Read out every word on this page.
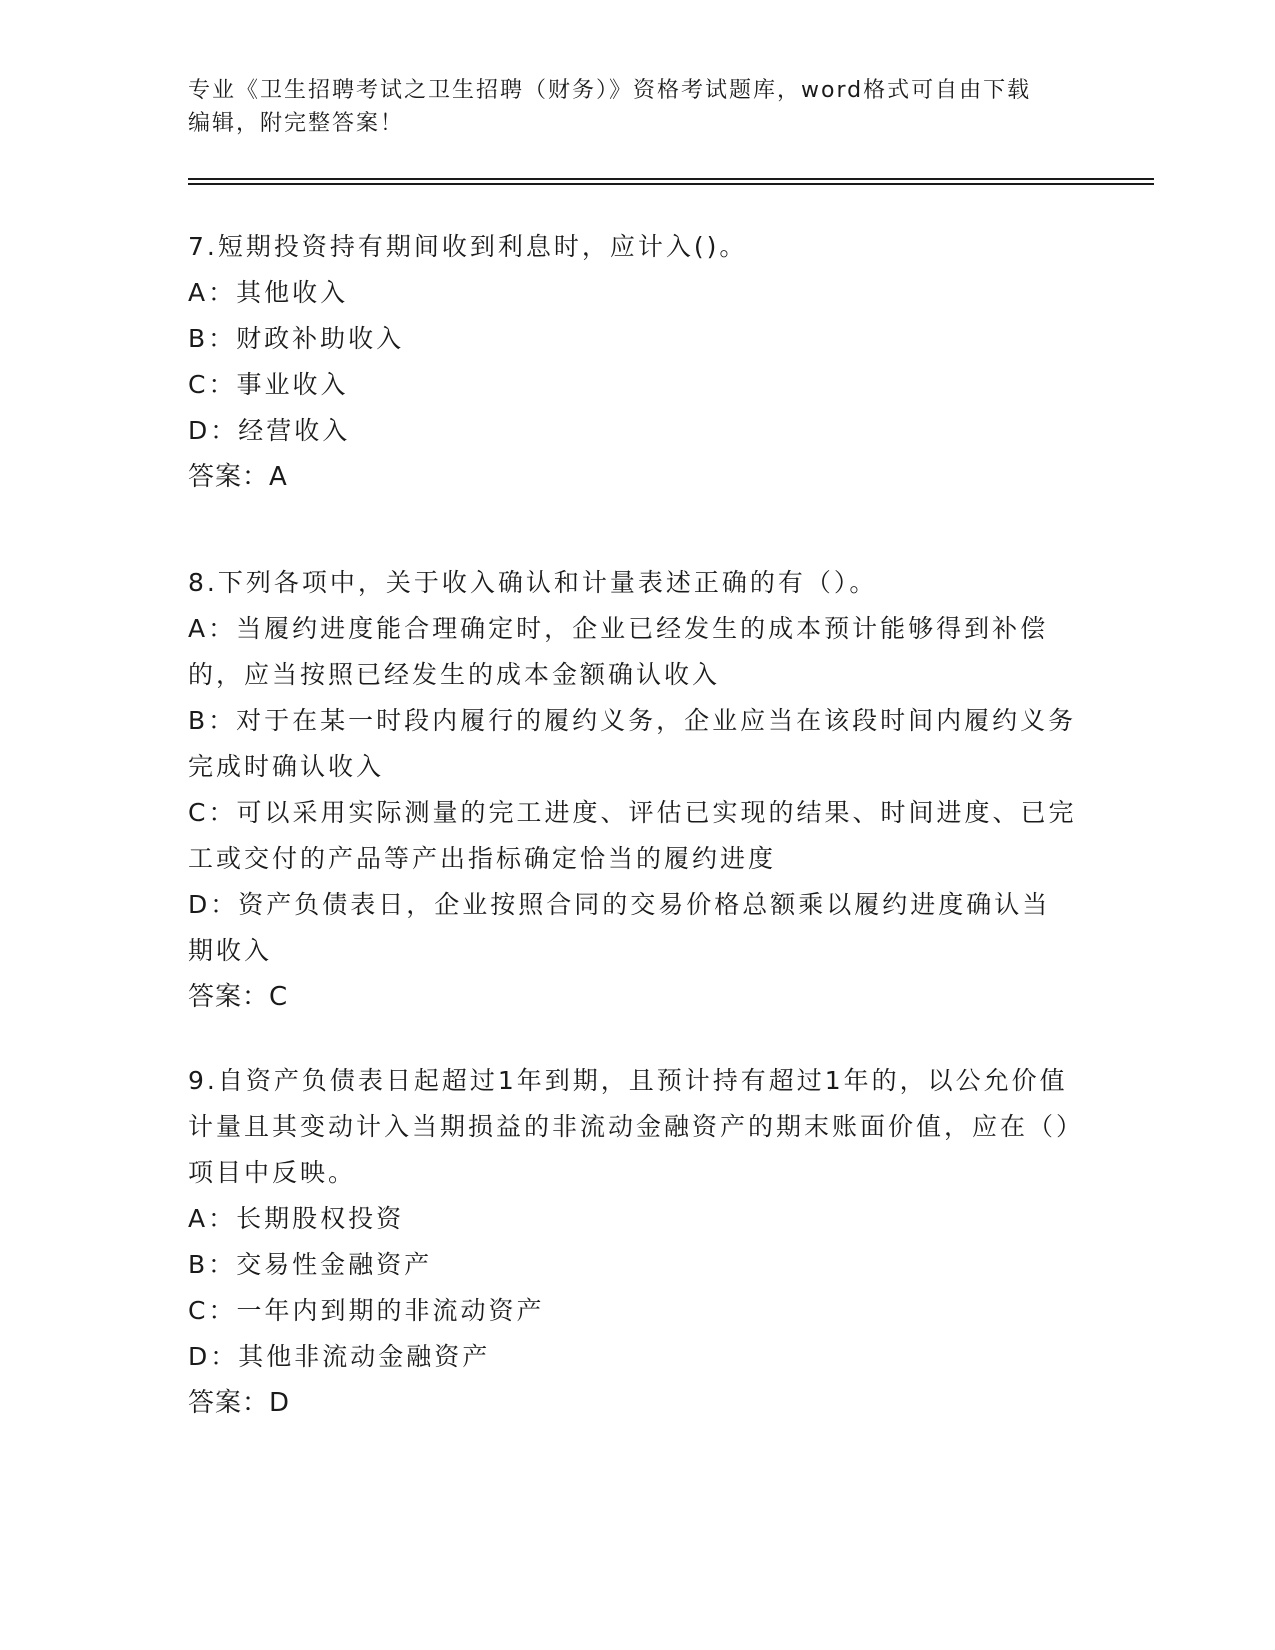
专业《卫生招聘考试之卫生招聘（财务）》资格考试题库，word格式可自由下载
编辑，附完整答案！
7.短期投资持有期间收到利息时，应计入()。
A：其他收入
B：财政补助收入
C：事业收入
D：经营收入
答案：A
8.下列各项中，关于收入确认和计量表述正确的有（）。
A：当履约进度能合理确定时，企业已经发生的成本预计能够得到补偿的，应当按照已经发生的成本金额确认收入
B：对于在某一时段内履行的履约义务，企业应当在该段时间内履约义务完成时确认收入
C：可以采用实际测量的完工进度、评估已实现的结果、时间进度、已完工或交付的产品等产出指标确定恰当的履约进度
D：资产负债表日，企业按照合同的交易价格总额乘以履约进度确认当期收入
答案：C
9.自资产负债表日起超过1年到期，且预计持有超过1年的，以公允价值计量且其变动计入当期损益的非流动金融资产的期末账面价值，应在（）项目中反映。
A：长期股权投资
B：交易性金融资产
C：一年内到期的非流动资产
D：其他非流动金融资产
答案：D
